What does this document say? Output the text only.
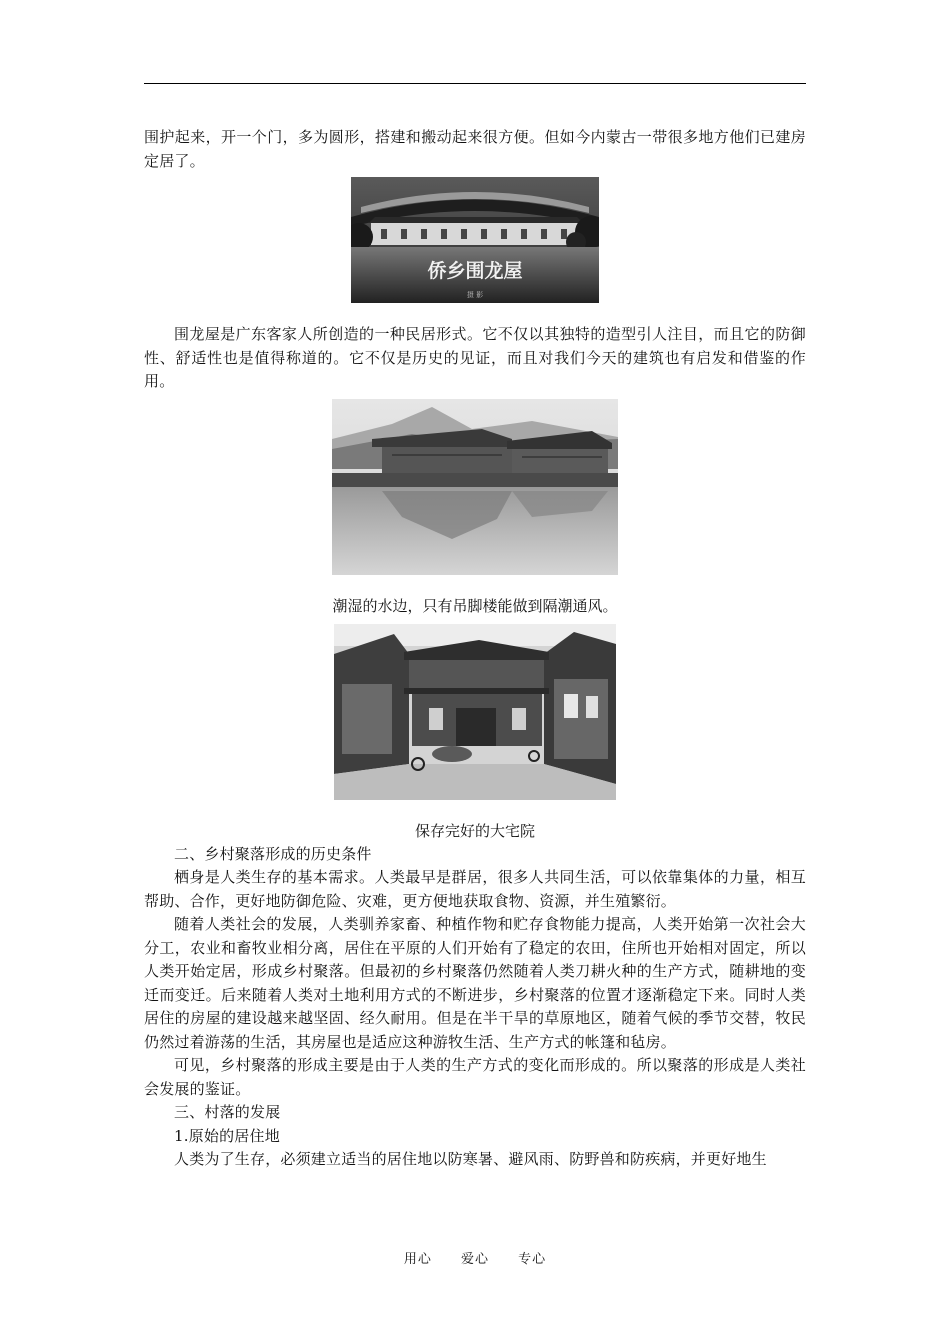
围护起来，开一个门，多为圆形，搭建和搬动起来很方便。但如今内蒙古一带很多地方他们已建房定居了。

侨乡围龙屋
摄 影

围龙屋是广东客家人所创造的一种民居形式。它不仅以其独特的造型引人注目，而且它的防御性、舒适性也是值得称道的。它不仅是历史的见证，而且对我们今天的建筑也有启发和借鉴的作用。

潮湿的水边，只有吊脚楼能做到隔潮通风。
保存完好的大宅院

二、乡村聚落形成的历史条件

栖身是人类生存的基本需求。人类最早是群居，很多人共同生活，可以依靠集体的力量，相互帮助、合作，更好地防御危险、灾难，更方便地获取食物、资源，并生殖繁衍。

随着人类社会的发展，人类驯养家畜、种植作物和贮存食物能力提高，人类开始第一次社会大分工，农业和畜牧业相分离，居住在平原的人们开始有了稳定的农田，住所也开始相对固定，所以人类开始定居，形成乡村聚落。但最初的乡村聚落仍然随着人类刀耕火种的生产方式，随耕地的变迁而变迁。后来随着人类对土地利用方式的不断进步，乡村聚落的位置才逐渐稳定下来。同时人类居住的房屋的建设越来越坚固、经久耐用。但是在半干旱的草原地区，随着气候的季节交替，牧民仍然过着游荡的生活，其房屋也是适应这种游牧生活、生产方式的帐篷和毡房。

可见，乡村聚落的形成主要是由于人类的生产方式的变化而形成的。所以聚落的形成是人类社会发展的鉴证。

三、村落的发展

1.原始的居住地

人类为了生存，必须建立适当的居住地以防寒暑、避风雨、防野兽和防疾病，并更好地生

用心 爱心 专心
